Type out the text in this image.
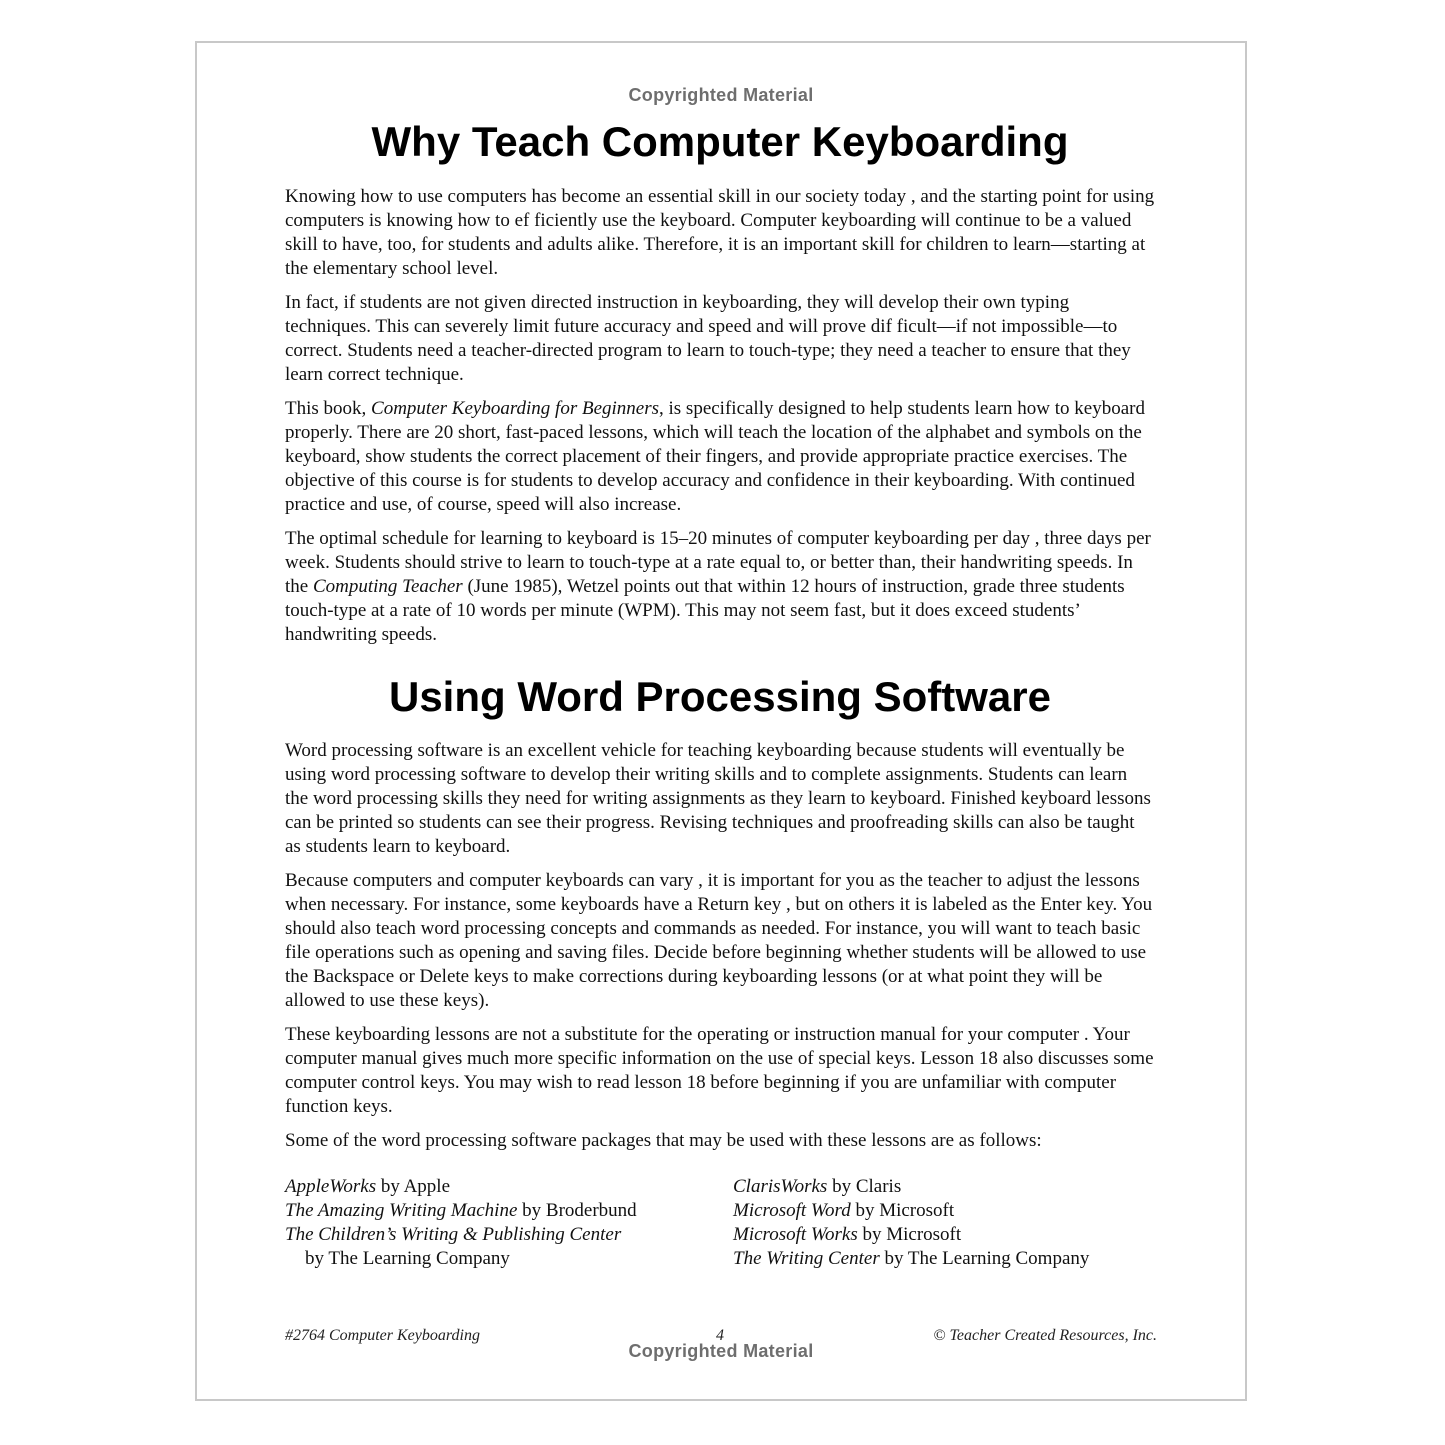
Copyrighted Material
Why Teach Computer Keyboarding

Knowing how to use computers has become an essential skill in our society today , and the starting point for using computers is knowing how to ef ficiently use the keyboard. Computer keyboarding will continue to be a valued skill to have, too, for students and adults alike. Therefore, it is an important skill for children to learn—starting at the elementary school level.

In fact, if students are not given directed instruction in keyboarding, they will develop their own typing techniques. This can severely limit future accuracy and speed and will prove dif ficult—if not impossible—to correct. Students need a teacher-directed program to learn to touch-type; they need a teacher to ensure that they learn correct technique.

This book, Computer Keyboarding for Beginners, is specifically designed to help students learn how to keyboard properly. There are 20 short, fast-paced lessons, which will teach the location of the alphabet and symbols on the keyboard, show students the correct placement of their fingers, and provide appropriate practice exercises. The objective of this course is for students to develop accuracy and confidence in their keyboarding. With continued practice and use, of course, speed will also increase.

The optimal schedule for learning to keyboard is 15–20 minutes of computer keyboarding per day , three days per week. Students should strive to learn to touch-type at a rate equal to, or better than, their handwriting speeds. In the Computing Teacher (June 1985), Wetzel points out that within 12 hours of instruction, grade three students touch-type at a rate of 10 words per minute (WPM). This may not seem fast, but it does exceed students’ handwriting speeds.

Using Word Processing Software

Word processing software is an excellent vehicle for teaching keyboarding because students will eventually be using word processing software to develop their writing skills and to complete assignments. Students can learn the word processing skills they need for writing assignments as they learn to keyboard. Finished keyboard lessons can be printed so students can see their progress. Revising techniques and proofreading skills can also be taught as students learn to keyboard.

Because computers and computer keyboards can vary , it is important for you as the teacher to adjust the lessons when necessary. For instance, some keyboards have a Return key , but on others it is labeled as the Enter key. You should also teach word processing concepts and commands as needed. For instance, you will want to teach basic file operations such as opening and saving files. Decide before beginning whether students will be allowed to use the Backspace or Delete keys to make corrections during keyboarding lessons (or at what point they will be allowed to use these keys).

These keyboarding lessons are not a substitute for the operating or instruction manual for your computer . Your computer manual gives much more specific information on the use of special keys. Lesson 18 also discusses some computer control keys. You may wish to read lesson 18 before beginning if you are unfamiliar with computer function keys.

Some of the word processing software packages that may be used with these lessons are as follows:

AppleWorks by Apple
The Amazing Writing Machine by Broderbund
The Children’s Writing & Publishing Center
by The Learning Company
ClarisWorks by Claris
Microsoft Word by Microsoft
Microsoft Works by Microsoft
The Writing Center by The Learning Company
#2764 Computer Keyboarding	4	© Teacher Created Resources, Inc.
Copyrighted Material
